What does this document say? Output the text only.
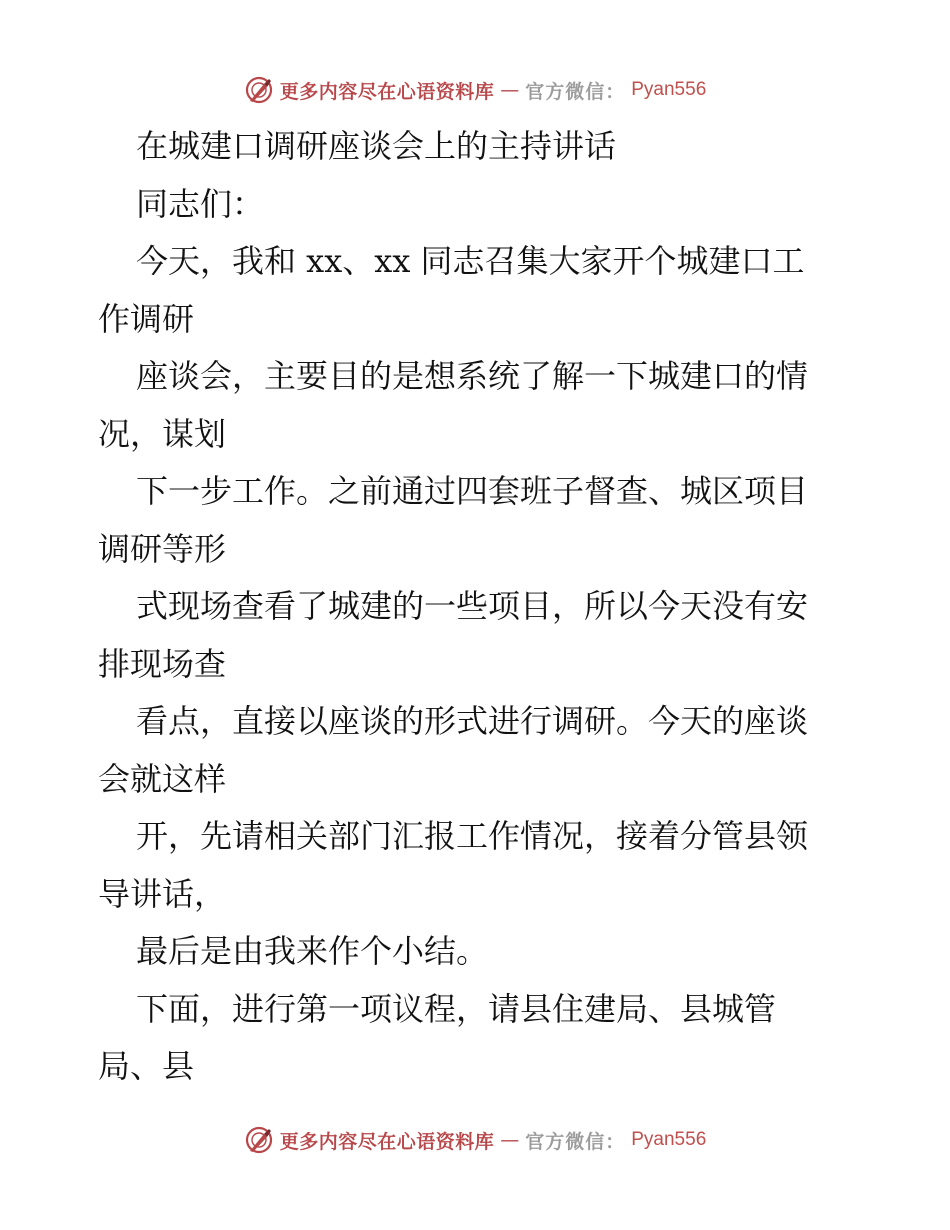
更多内容尽在心语资料库 — 官方微信： Pyan556
在城建口调研座谈会上的主持讲话
同志们：
今天，我和 xx、xx 同志召集大家开个城建口工
作调研
座谈会，主要目的是想系统了解一下城建口的情
况，谋划
下一步工作。之前通过四套班子督查、城区项目
调研等形
式现场查看了城建的一些项目，所以今天没有安
排现场查
看点，直接以座谈的形式进行调研。今天的座谈
会就这样
开，先请相关部门汇报工作情况，接着分管县领
导讲话，
最后是由我来作个小结。
下面，进行第一项议程，请县住建局、县城管
局、县
更多内容尽在心语资料库 — 官方微信： Pyan556
